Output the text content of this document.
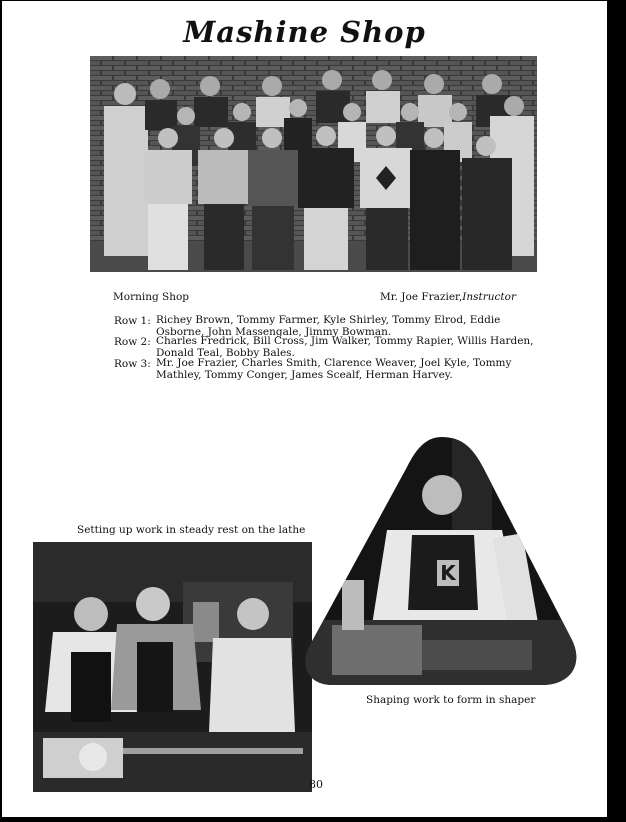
Mashine Shop
Morning Shop	Mr. Joe Frazier,Instructor
Row 1: Richey Brown, Tommy Farmer, Kyle Shirley, Tommy Elrod, Eddie Osborne, John Massengale, Jimmy Bowman.
Row 2: Charles Fredrick, Bill Cross, Jim Walker, Tommy Rapier, Willis Harden, Donald Teal, Bobby Bales.
Row 3: Mr. Joe Frazier, Charles Smith, Clarence Weaver, Joel Kyle, Tommy Mathley, Tommy Conger, James Scealf, Herman Harvey.
Setting up work in steady rest on the lathe
K
Shaping work to form in shaper
80
